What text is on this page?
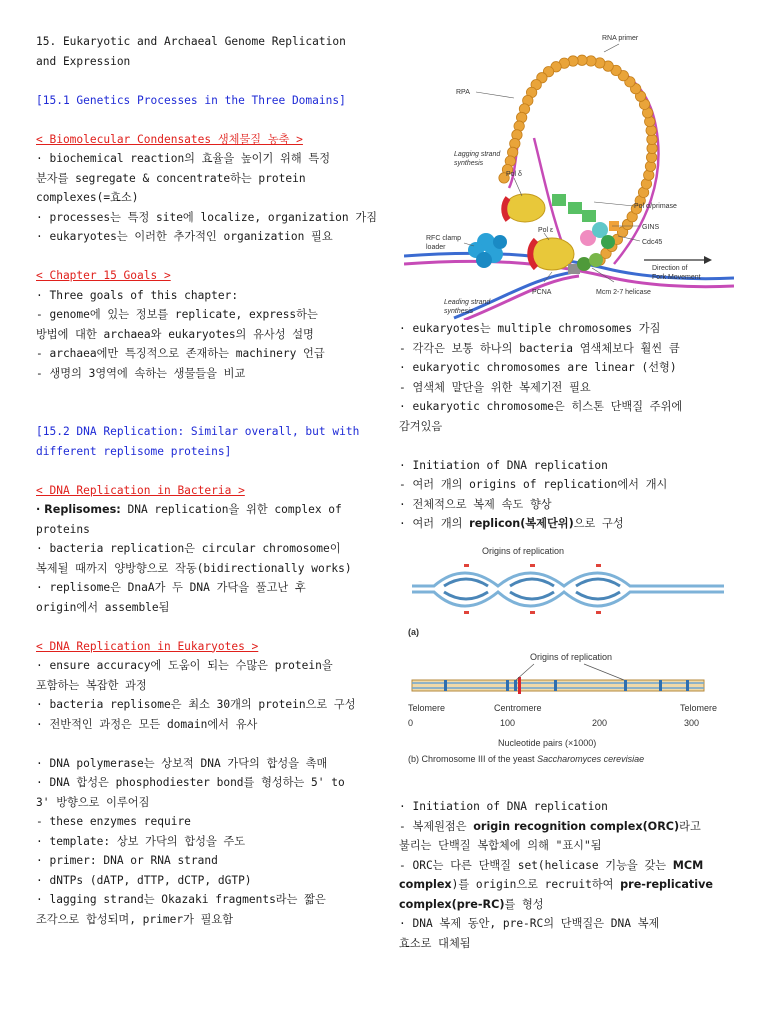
15. Eukaryotic and Archaeal Genome Replication
and Expression
[15.1 Genetics Processes in the Three Domains]
< Biomolecular Condensates 생체물질 농축 >
· biochemical reaction의 효율을 높이기 위해 특정
분자를 segregate & concentrate하는 protein
complexes(=효소)
· processes는 특정 site에 localize, organization 가짐
· eukaryotes는 이러한 추가적인 organization 필요
< Chapter 15 Goals >
· Three goals of this chapter:
- genome에 있는 정보를 replicate, express하는
방법에 대한 archaea와 eukaryotes의 유사성 설명
- archaea에만 특징적으로 존재하는 machinery 언급
- 생명의 3영역에 속하는 생물들을 비교
[15.2 DNA Replication: Similar overall, but with
different replisome proteins]
< DNA Replication in Bacteria >
· Replisomes: DNA replication을 위한 complex of
proteins
· bacteria replication은 circular chromosome이
복제될 때까지 양방향으로 작동(bidirectionally works)
· replisome은 DnaA가 두 DNA 가닥을 풀고난 후
origin에서 assemble됨
< DNA Replication in Eukaryotes >
· ensure accuracy에 도움이 되는 수많은 protein을
포함하는 복잡한 과정
· bacteria replisome은 최소 30개의 protein으로 구성
· 전반적인 과정은 모든 domain에서 유사
· DNA polymerase는 상보적 DNA 가닥의 합성을 촉매
· DNA 합성은 phosphodiester bond를 형성하는 5' to
3' 방향으로 이루어짐
- these enzymes require
· template: 상보 가닥의 합성을 주도
· primer: DNA or RNA strand
· dNTPs (dATP, dTTP, dCTP, dGTP)
· lagging strand는 Okazaki fragments라는 짧은
조각으로 합성되며, primer가 필요함
RNA primer
RPA
Lagging strand
synthesis
Pol δ
Pol α/primase
GINS
Cdc45
RFC clamp
loader
Pol ε
Direction of
Fork Movement
Leading strand
synthesis
PCNA	Mcm 2-7 helicase
· eukaryotes는 multiple chromosomes 가짐
- 각각은 보통 하나의 bacteria 염색체보다 훨씬 큼
· eukaryotic chromosomes are linear (선형)
- 염색체 말단을 위한 복제기전 필요
· eukaryotic chromosome은 히스톤 단백질 주위에
감겨있음
· Initiation of DNA replication
- 여러 개의 origins of replication에서 개시
· 전체적으로 복제 속도 향상
· 여러 개의 replicon(복제단위)으로 구성
Origins of replication
(a)
Origins of replication
Telomere	Centromere	Telomere
0	100	200	300
Nucleotide pairs (×1000)
(b) Chromosome III of the yeast Saccharomyces cerevisiae
· Initiation of DNA replication
- 복제원점은 origin recognition complex(ORC)라고
불리는 단백질 복합체에 의해 "표시"됨
- ORC는 다른 단백질 set(helicase 기능을 갖는 MCM
complex)를 origin으로 recruit하여 pre-replicative
complex(pre-RC)를 형성
· DNA 복제 동안, pre-RC의 단백질은 DNA 복제
효소로 대체됨
